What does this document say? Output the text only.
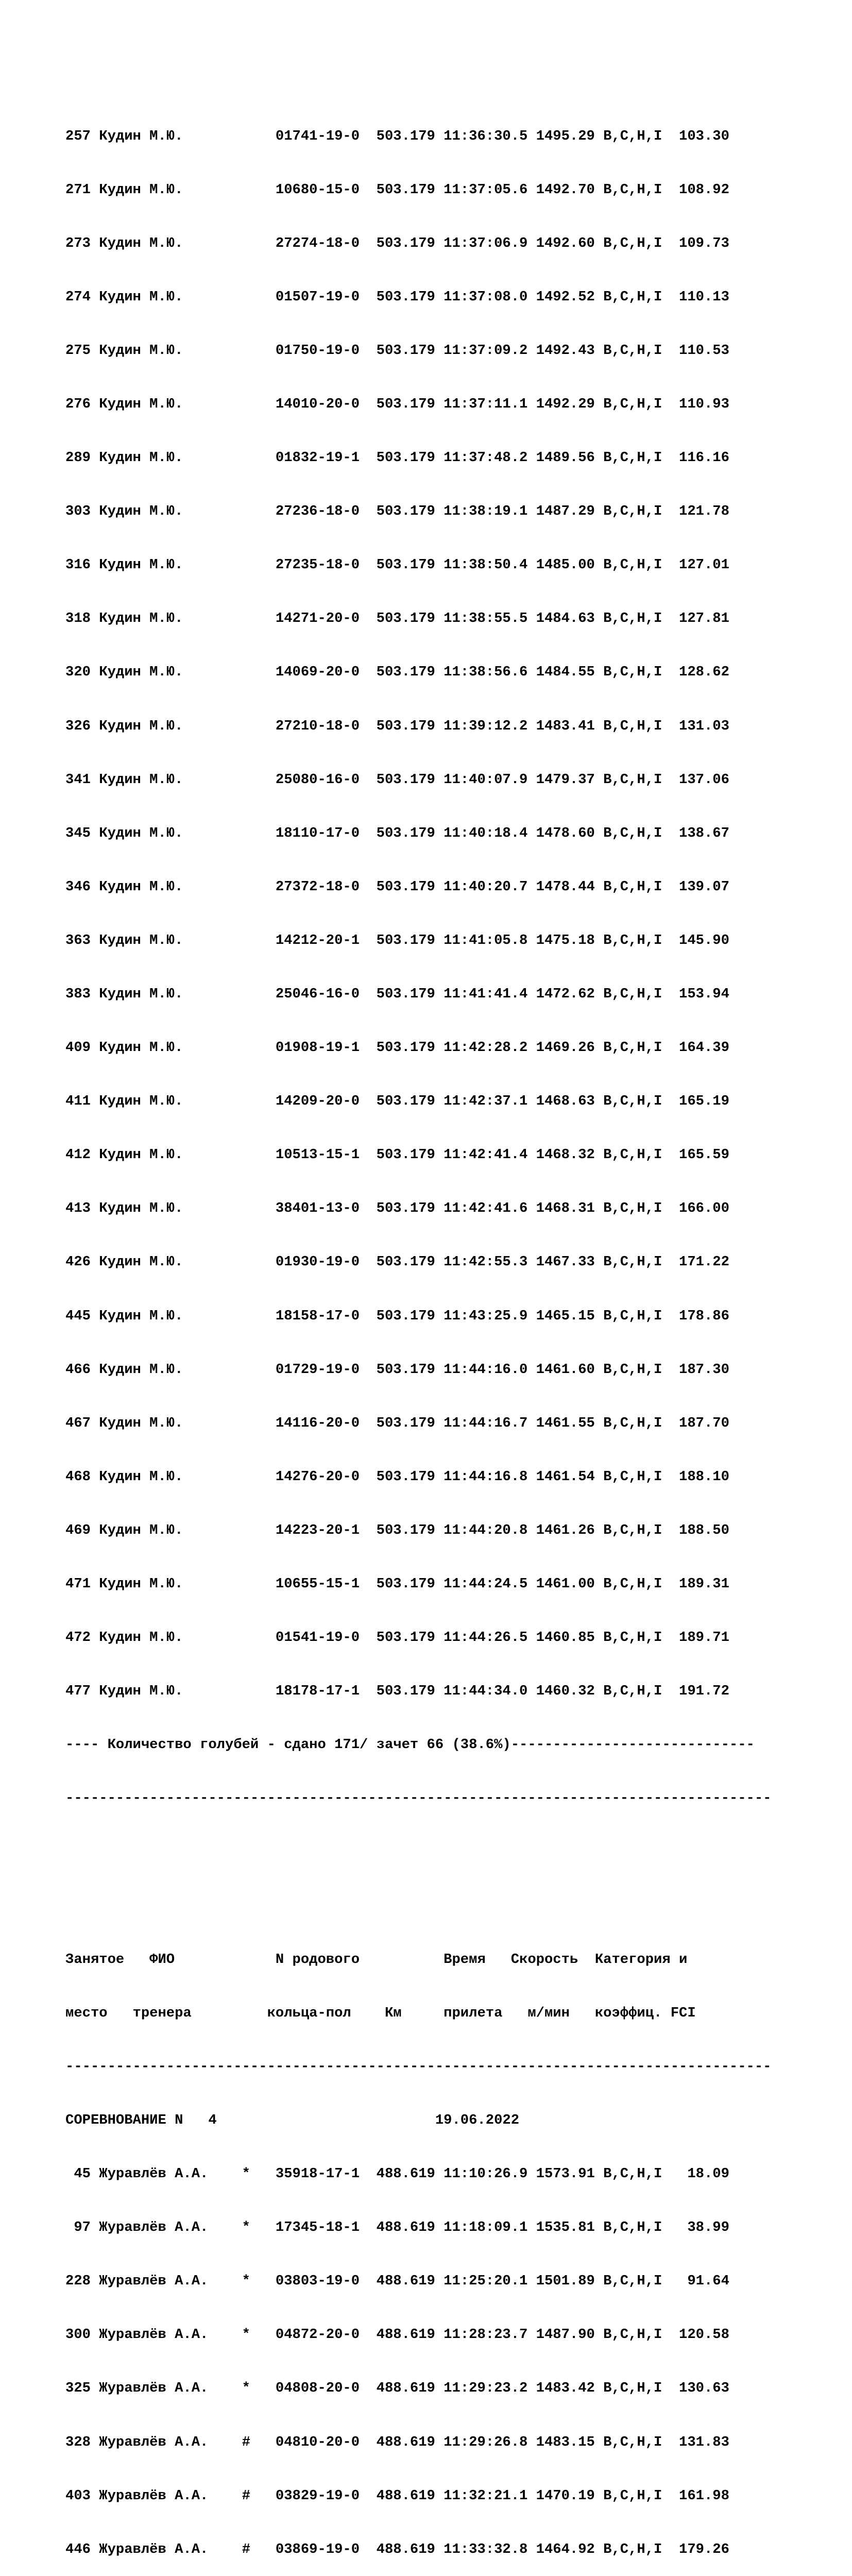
257 Кудин М.Ю.           01741-19-0  503.179 11:36:30.5 1495.29 B,C,H,I  103.30

271 Кудин М.Ю.           10680-15-0  503.179 11:37:05.6 1492.70 B,C,H,I  108.92

273 Кудин М.Ю.           27274-18-0  503.179 11:37:06.9 1492.60 B,C,H,I  109.73

274 Кудин М.Ю.           01507-19-0  503.179 11:37:08.0 1492.52 B,C,H,I  110.13

275 Кудин М.Ю.           01750-19-0  503.179 11:37:09.2 1492.43 B,C,H,I  110.53

276 Кудин М.Ю.           14010-20-0  503.179 11:37:11.1 1492.29 B,C,H,I  110.93

289 Кудин М.Ю.           01832-19-1  503.179 11:37:48.2 1489.56 B,C,H,I  116.16

303 Кудин М.Ю.           27236-18-0  503.179 11:38:19.1 1487.29 B,C,H,I  121.78

316 Кудин М.Ю.           27235-18-0  503.179 11:38:50.4 1485.00 B,C,H,I  127.01

318 Кудин М.Ю.           14271-20-0  503.179 11:38:55.5 1484.63 B,C,H,I  127.81

320 Кудин М.Ю.           14069-20-0  503.179 11:38:56.6 1484.55 B,C,H,I  128.62

326 Кудин М.Ю.           27210-18-0  503.179 11:39:12.2 1483.41 B,C,H,I  131.03

341 Кудин М.Ю.           25080-16-0  503.179 11:40:07.9 1479.37 B,C,H,I  137.06

345 Кудин М.Ю.           18110-17-0  503.179 11:40:18.4 1478.60 B,C,H,I  138.67

346 Кудин М.Ю.           27372-18-0  503.179 11:40:20.7 1478.44 B,C,H,I  139.07

363 Кудин М.Ю.           14212-20-1  503.179 11:41:05.8 1475.18 B,C,H,I  145.90

383 Кудин М.Ю.           25046-16-0  503.179 11:41:41.4 1472.62 B,C,H,I  153.94

409 Кудин М.Ю.           01908-19-1  503.179 11:42:28.2 1469.26 B,C,H,I  164.39

411 Кудин М.Ю.           14209-20-0  503.179 11:42:37.1 1468.63 B,C,H,I  165.19

412 Кудин М.Ю.           10513-15-1  503.179 11:42:41.4 1468.32 B,C,H,I  165.59

413 Кудин М.Ю.           38401-13-0  503.179 11:42:41.6 1468.31 B,C,H,I  166.00

426 Кудин М.Ю.           01930-19-0  503.179 11:42:55.3 1467.33 B,C,H,I  171.22

445 Кудин М.Ю.           18158-17-0  503.179 11:43:25.9 1465.15 B,C,H,I  178.86

466 Кудин М.Ю.           01729-19-0  503.179 11:44:16.0 1461.60 B,C,H,I  187.30

467 Кудин М.Ю.           14116-20-0  503.179 11:44:16.7 1461.55 B,C,H,I  187.70

468 Кудин М.Ю.           14276-20-0  503.179 11:44:16.8 1461.54 B,C,H,I  188.10

469 Кудин М.Ю.           14223-20-1  503.179 11:44:20.8 1461.26 B,C,H,I  188.50

471 Кудин М.Ю.           10655-15-1  503.179 11:44:24.5 1461.00 B,C,H,I  189.31

472 Кудин М.Ю.           01541-19-0  503.179 11:44:26.5 1460.85 B,C,H,I  189.71

477 Кудин М.Ю.           18178-17-1  503.179 11:44:34.0 1460.32 B,C,H,I  191.72

---- Количество голубей - сдано 171/ зачет 66 (38.6%)-----------------------------

------------------------------------------------------------------------------------

Занятое   ФИО            N родового          Время   Скорость  Категория и

место   тренера         кольца-пол    Км     прилета   м/мин   коэффиц. FCI

------------------------------------------------------------------------------------

СОРЕВНОВАНИЕ N   4                          19.06.2022

45 Журавлёв А.А.    *   35918-17-1  488.619 11:10:26.9 1573.91 B,C,H,I   18.09

97 Журавлёв А.А.    *   17345-18-1  488.619 11:18:09.1 1535.81 B,C,H,I   38.99

228 Журавлёв А.А.    *   03803-19-0  488.619 11:25:20.1 1501.89 B,C,H,I   91.64

300 Журавлёв А.А.    *   04872-20-0  488.619 11:28:23.7 1487.90 B,C,H,I  120.58

325 Журавлёв А.А.    *   04808-20-0  488.619 11:29:23.2 1483.42 B,C,H,I  130.63

328 Журавлёв А.А.    #   04810-20-0  488.619 11:29:26.8 1483.15 B,C,H,I  131.83

403 Журавлёв А.А.    #   03829-19-0  488.619 11:32:21.1 1470.19 B,C,H,I  161.98

446 Журавлёв А.А.    #   03869-19-0  488.619 11:33:32.8 1464.92 B,C,H,I  179.26
